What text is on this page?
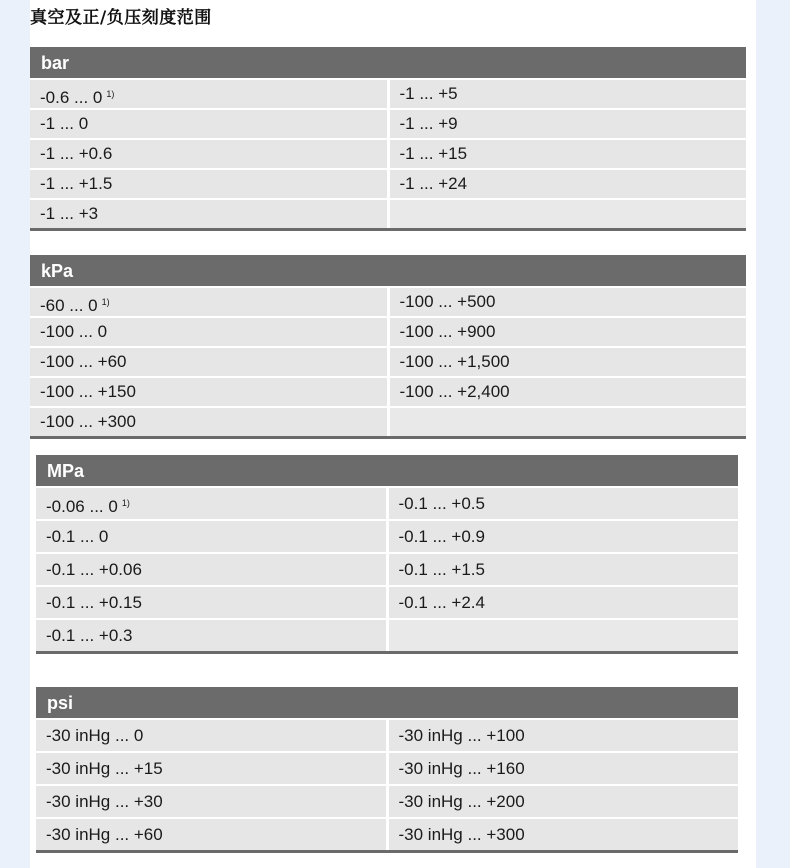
真空及正/负压刻度范围
bar
-0.6 ... 0 $^{1)}$	-1 ... +5
-1 ... 0	-1 ... +9
-1 ... +0.6	-1 ... +15
-1 ... +1.5	-1 ... +24
-1 ... +3
kPa
-60 ... 0 $^{1)}$	-100 ... +500
-100 ... 0	-100 ... +900
-100 ... +60	-100 ... +1,500
-100 ... +150	-100 ... +2,400
-100 ... +300
MPa
-0.06 ... 0 $^{1)}$	-0.1 ... +0.5
-0.1 ... 0	-0.1 ... +0.9
-0.1 ... +0.06	-0.1 ... +1.5
-0.1 ... +0.15	-0.1 ... +2.4
-0.1 ... +0.3
psi
-30 inHg ... 0	-30 inHg ... +100
-30 inHg ... +15	-30 inHg ... +160
-30 inHg ... +30	-30 inHg ... +200
-30 inHg ... +60	-30 inHg ... +300
